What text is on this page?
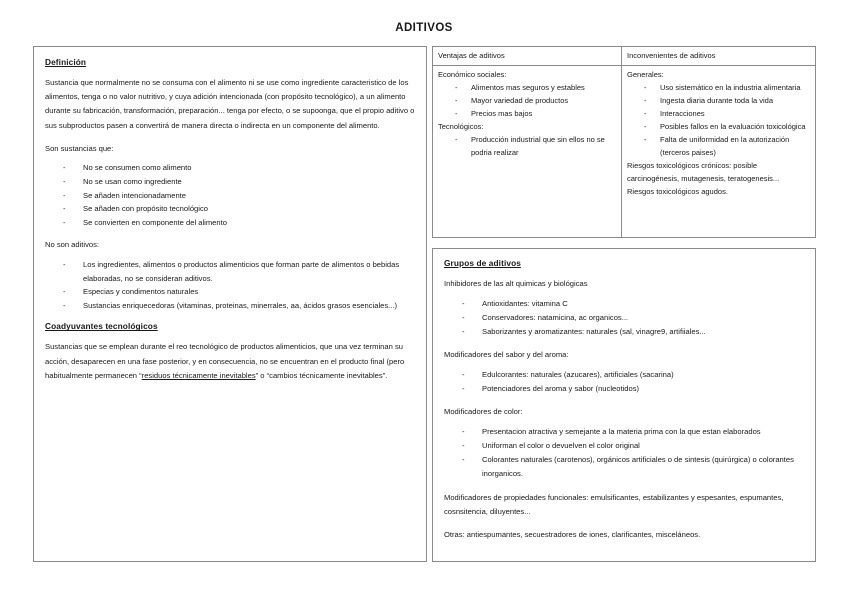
ADITIVOS
Definición
Sustancia que normalmente no se consuma con el alimento ni se use como ingrediente caracteristico de los alimentos, tenga o no valor nutritivo, y cuya adición intencionada (con propósito tecnológico), a un alimento durante su fabricación, transformación, preparación... tenga por efecto, o se supoonga, que el propio aditivo o sus subproductos pasen a convertirá de manera directa o indirecta en un componente del alimento.
Son sustancias que:
- No se consumen como alimento
- No se usan como ingrediente
- Se añaden intencionadamente
- Se añaden con propósito tecnológico
- Se convierten en componente del alimento
No son aditivos:
- Los ingredientes, alimentos o productos alimenticios que forman parte de alimentos o bebidas elaboradas, no se consideran aditivos.
- Especias y condimentos naturales
- Sustancias enriquecedoras (vitaminas, proteinas, minerrales, aa, ácidos grasos esenciales...)
Coadyuvantes tecnológicos
Sustancias que se emplean durante el reo tecnológico de productos alimenticios, que una vez terminan su acción, desaparecen en una fase posterior, y en consecuencia, no se encuentran en el producto final (pero habitualmente permanecen “residuos técnicamente inevitables” o “cambios técnicamente inevitables”.
Ventajas de aditivos	Inconvenientes de aditivos
Económico sociales:
- Alimentos mas seguros y estables
- Mayor variedad de productos
- Precios mas bajos
Tecnológicos:
- Producción industrial que sin ellos no se podria realizar
Generales:
- Uso sistemático en la industria alimentaria
- Ingesta diaria durante toda la vida
- Interacciones
- Posibles fallos en la evaluación toxicológica
- Falta de uniformidad en la autorización (terceros paises)
Riesgos toxicológicos crónicos: posible carcinogénesis, mutagenesis, teratogenesis...
Riesgos toxicológicos agudos.
Grupos de aditivos
Inhibidores de las alt quimicas y biológicas
- Antioxidantes: vitamina C
- Conservadores: natamicina, ac organicos...
- Saborizantes y aromatizantes: naturales (sal, vinagre9, artifiiales...
Modificadores del sabor y del aroma:
- Edulcorantes: naturales (azucares), artificiales (sacarina)
- Potenciadores del aroma y sabor (nucleotidos)
Modificadores de color:
- Presentacion atractiva y semejante a la materia prima con la que estan elaborados
- Uniforman el color o devuelven el color original
- Colorantes naturales (carotenos), orgánicos artificiales o de sintesis (quirúrgica) o colorantes inorganicos.
Modificadores de propiedades funcionales: emulsificantes, estabilizantes y espesantes, espumantes, cosnsitencia, diluyentes...
Otras: antiespumantes, secuestradores de iones, clarificantes, misceláneos.
